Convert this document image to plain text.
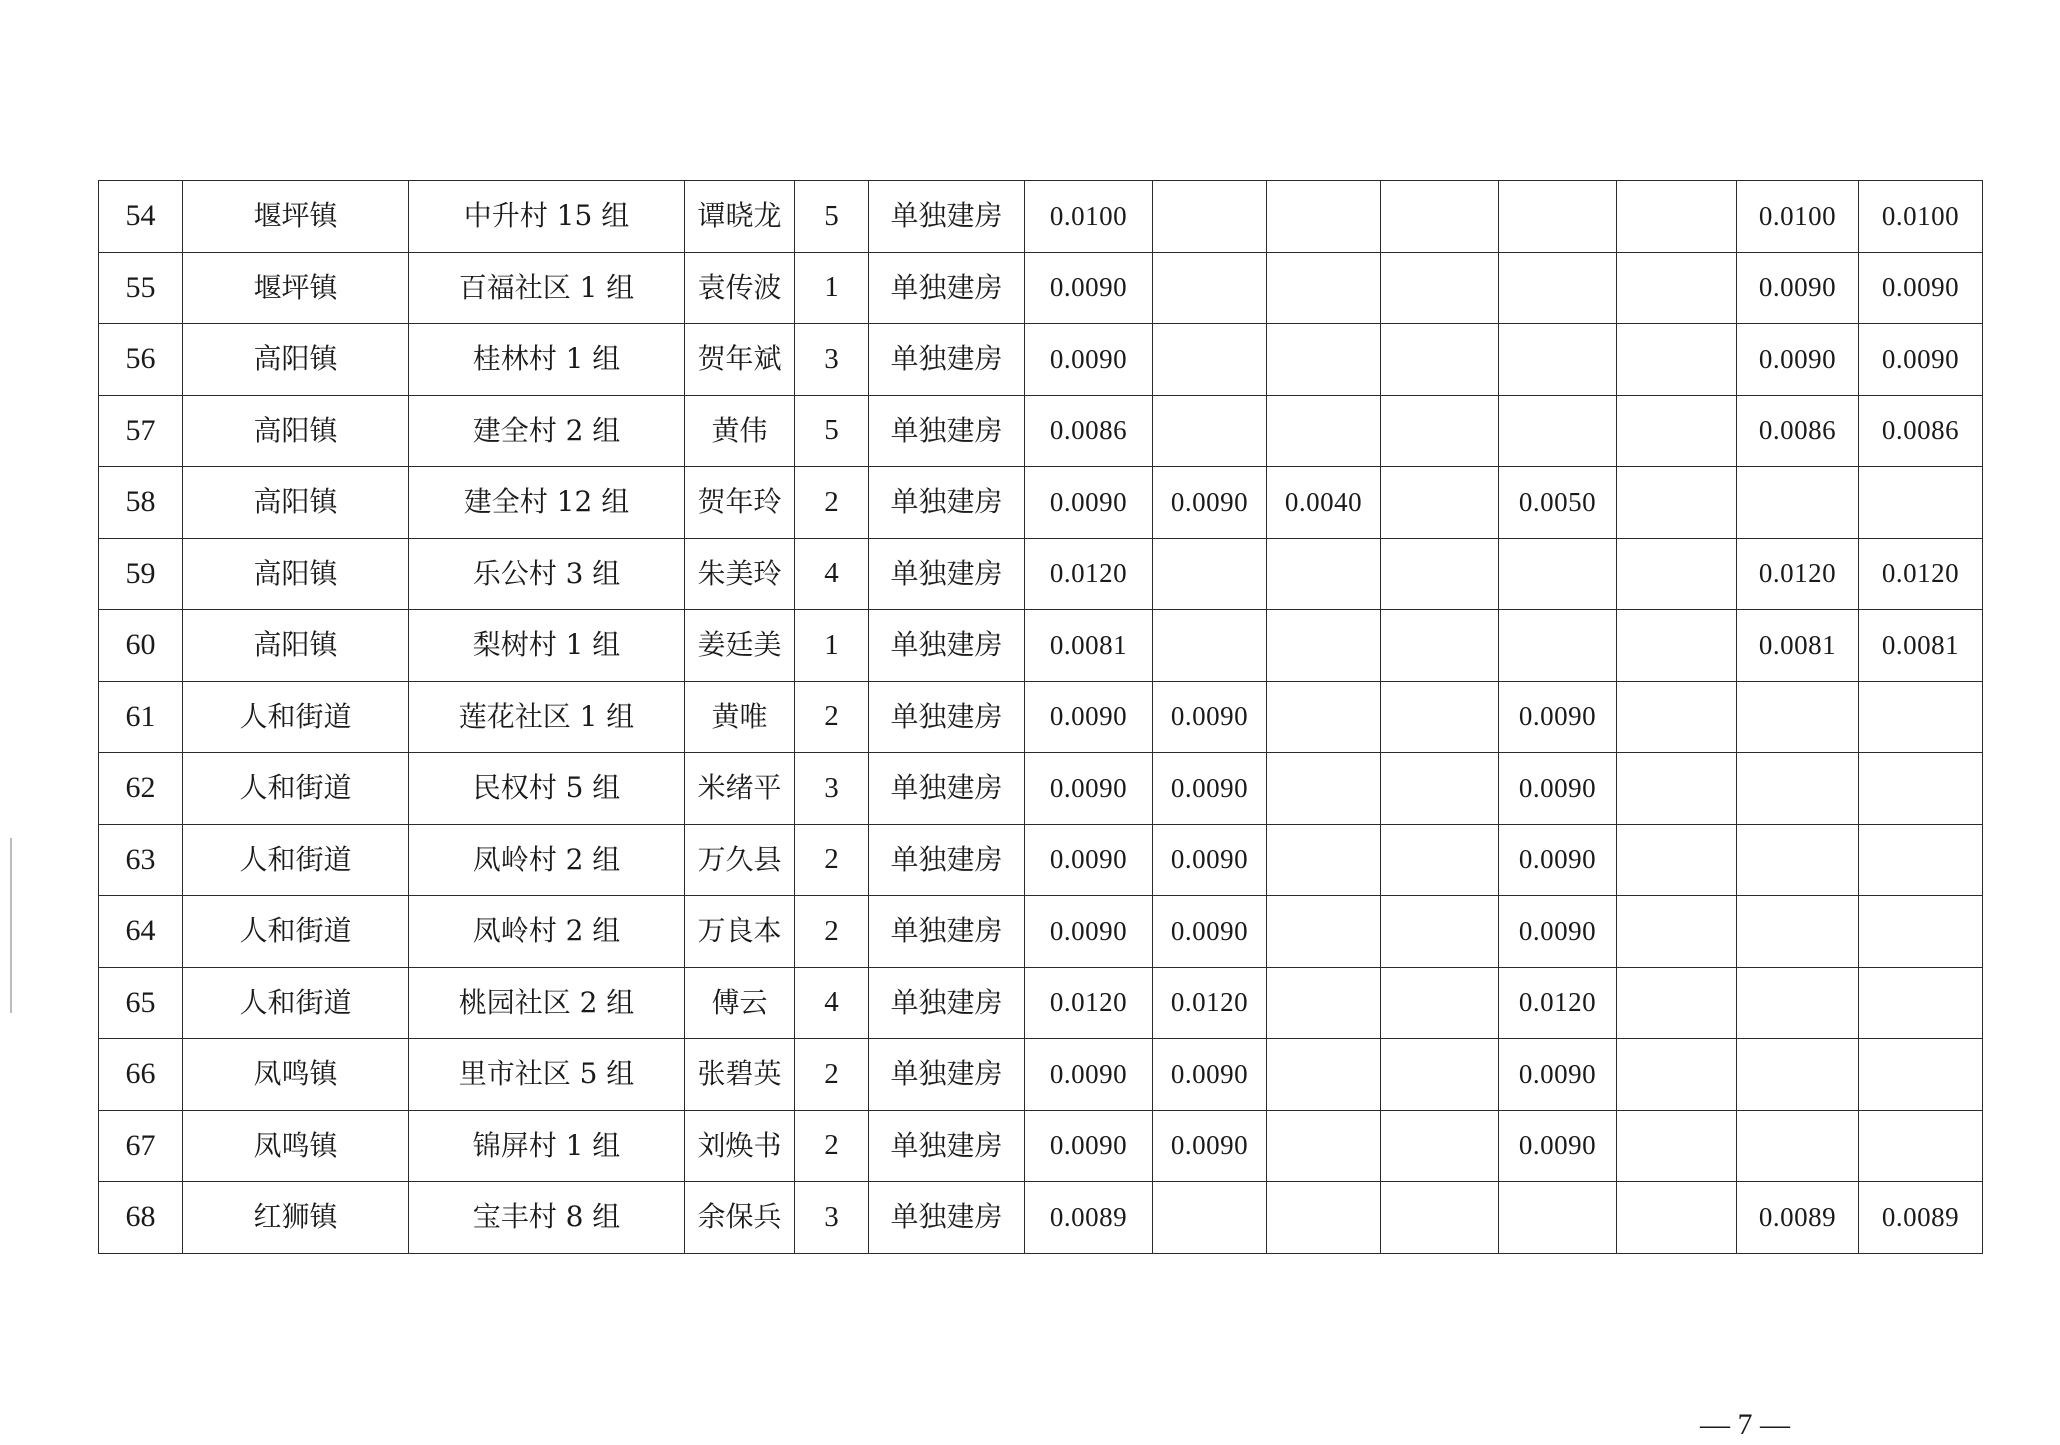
54	堰坪镇	中升村 15 组	谭晓龙	5	单独建房	0.0100						0.0100	0.0100
55	堰坪镇	百福社区 1 组	袁传波	1	单独建房	0.0090						0.0090	0.0090
56	高阳镇	桂林村 1 组	贺年斌	3	单独建房	0.0090						0.0090	0.0090
57	高阳镇	建全村 2 组	黄伟	5	单独建房	0.0086						0.0086	0.0086
58	高阳镇	建全村 12 组	贺年玲	2	单独建房	0.0090	0.0090	0.0040		0.0050			
59	高阳镇	乐公村 3 组	朱美玲	4	单独建房	0.0120						0.0120	0.0120
60	高阳镇	梨树村 1 组	姜廷美	1	单独建房	0.0081						0.0081	0.0081
61	人和街道	莲花社区 1 组	黄唯	2	单独建房	0.0090	0.0090			0.0090			
62	人和街道	民权村 5 组	米绪平	3	单独建房	0.0090	0.0090			0.0090			
63	人和街道	凤岭村 2 组	万久县	2	单独建房	0.0090	0.0090			0.0090			
64	人和街道	凤岭村 2 组	万良本	2	单独建房	0.0090	0.0090			0.0090			
65	人和街道	桃园社区 2 组	傅云	4	单独建房	0.0120	0.0120			0.0120			
66	凤鸣镇	里市社区 5 组	张碧英	2	单独建房	0.0090	0.0090			0.0090			
67	凤鸣镇	锦屏村 1 组	刘焕书	2	单独建房	0.0090	0.0090			0.0090			
68	红狮镇	宝丰村 8 组	余保兵	3	单独建房	0.0089						0.0089	0.0089
— 7 —
